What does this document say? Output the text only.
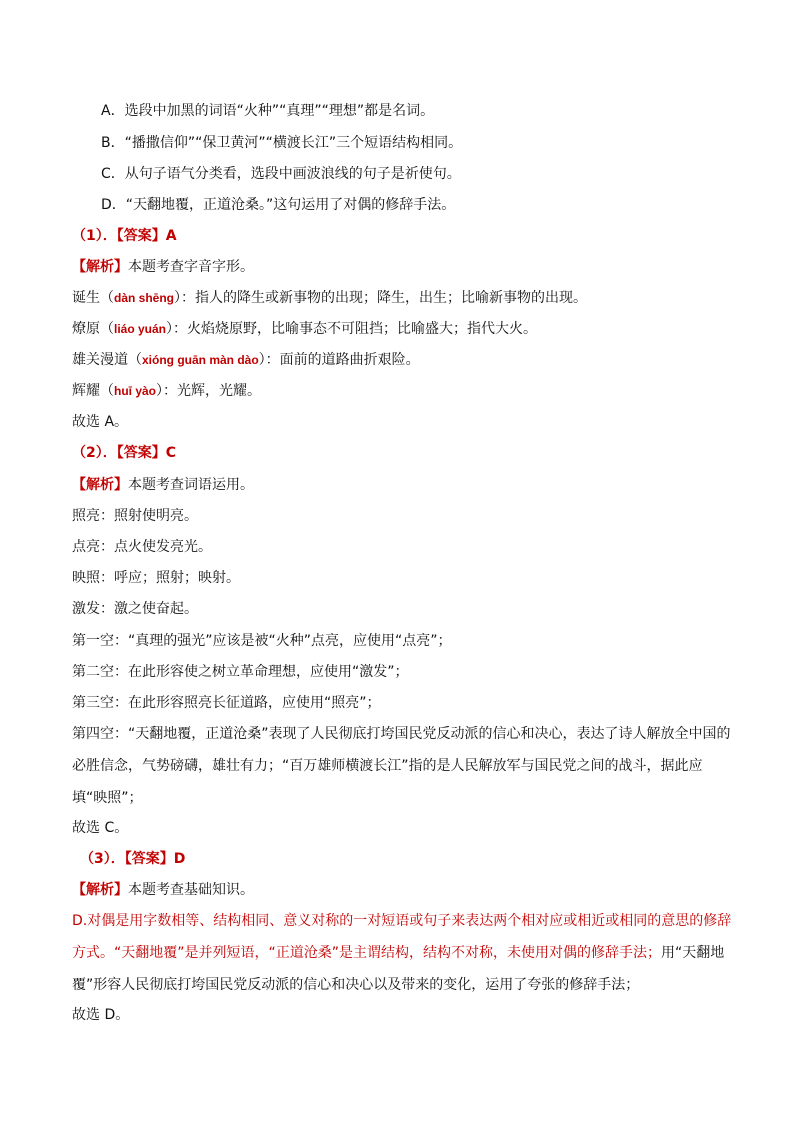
A．选段中加黑的词语“火种”“真理”“理想”都是名词。
B．“播撒信仰”“保卫黄河”“横渡长江”三个短语结构相同。
C．从句子语气分类看，选段中画波浪线的句子是祈使句。
D．“天翻地覆，正道沧桑。”这句运用了对偶的修辞手法。
（1）．【答案】A
【解析】本题考查字音字形。
诞生（dàn shēng）：指人的降生或新事物的出现；降生，出生；比喻新事物的出现。
燎原（liáo yuán）：火焰烧原野，比喻事态不可阻挡；比喻盛大；指代大火。
雄关漫道（xióng guān màn dào）：面前的道路曲折艰险。
辉耀（huī yào）：光辉，光耀。
故选 A。
（2）．【答案】C
【解析】本题考查词语运用。
照亮：照射使明亮。
点亮：点火使发亮光。
映照：呼应；照射；映射。
激发：激之使奋起。
第一空：“真理的强光”应该是被“火种”点亮，应使用“点亮”；
第二空：在此形容使之树立革命理想，应使用“激发”；
第三空：在此形容照亮长征道路，应使用“照亮”；
第四空：“天翻地覆，正道沧桑”表现了人民彻底打垮国民党反动派的信心和决心，表达了诗人解放全中国的必胜信念，气势磅礴，雄壮有力；“百万雄师横渡长江”指的是人民解放军与国民党之间的战斗，据此应填“映照”；
故选 C。
（3）．【答案】D
【解析】本题考查基础知识。
D.对偶是用字数相等、结构相同、意义对称的一对短语或句子来表达两个相对应或相近或相同的意思的修辞方式。“天翻地覆”是并列短语，“正道沧桑”是主谓结构，结构不对称，未使用对偶的修辞手法；用“天翻地覆”形容人民彻底打垮国民党反动派的信心和决心以及带来的变化，运用了夸张的修辞手法；
故选 D。
